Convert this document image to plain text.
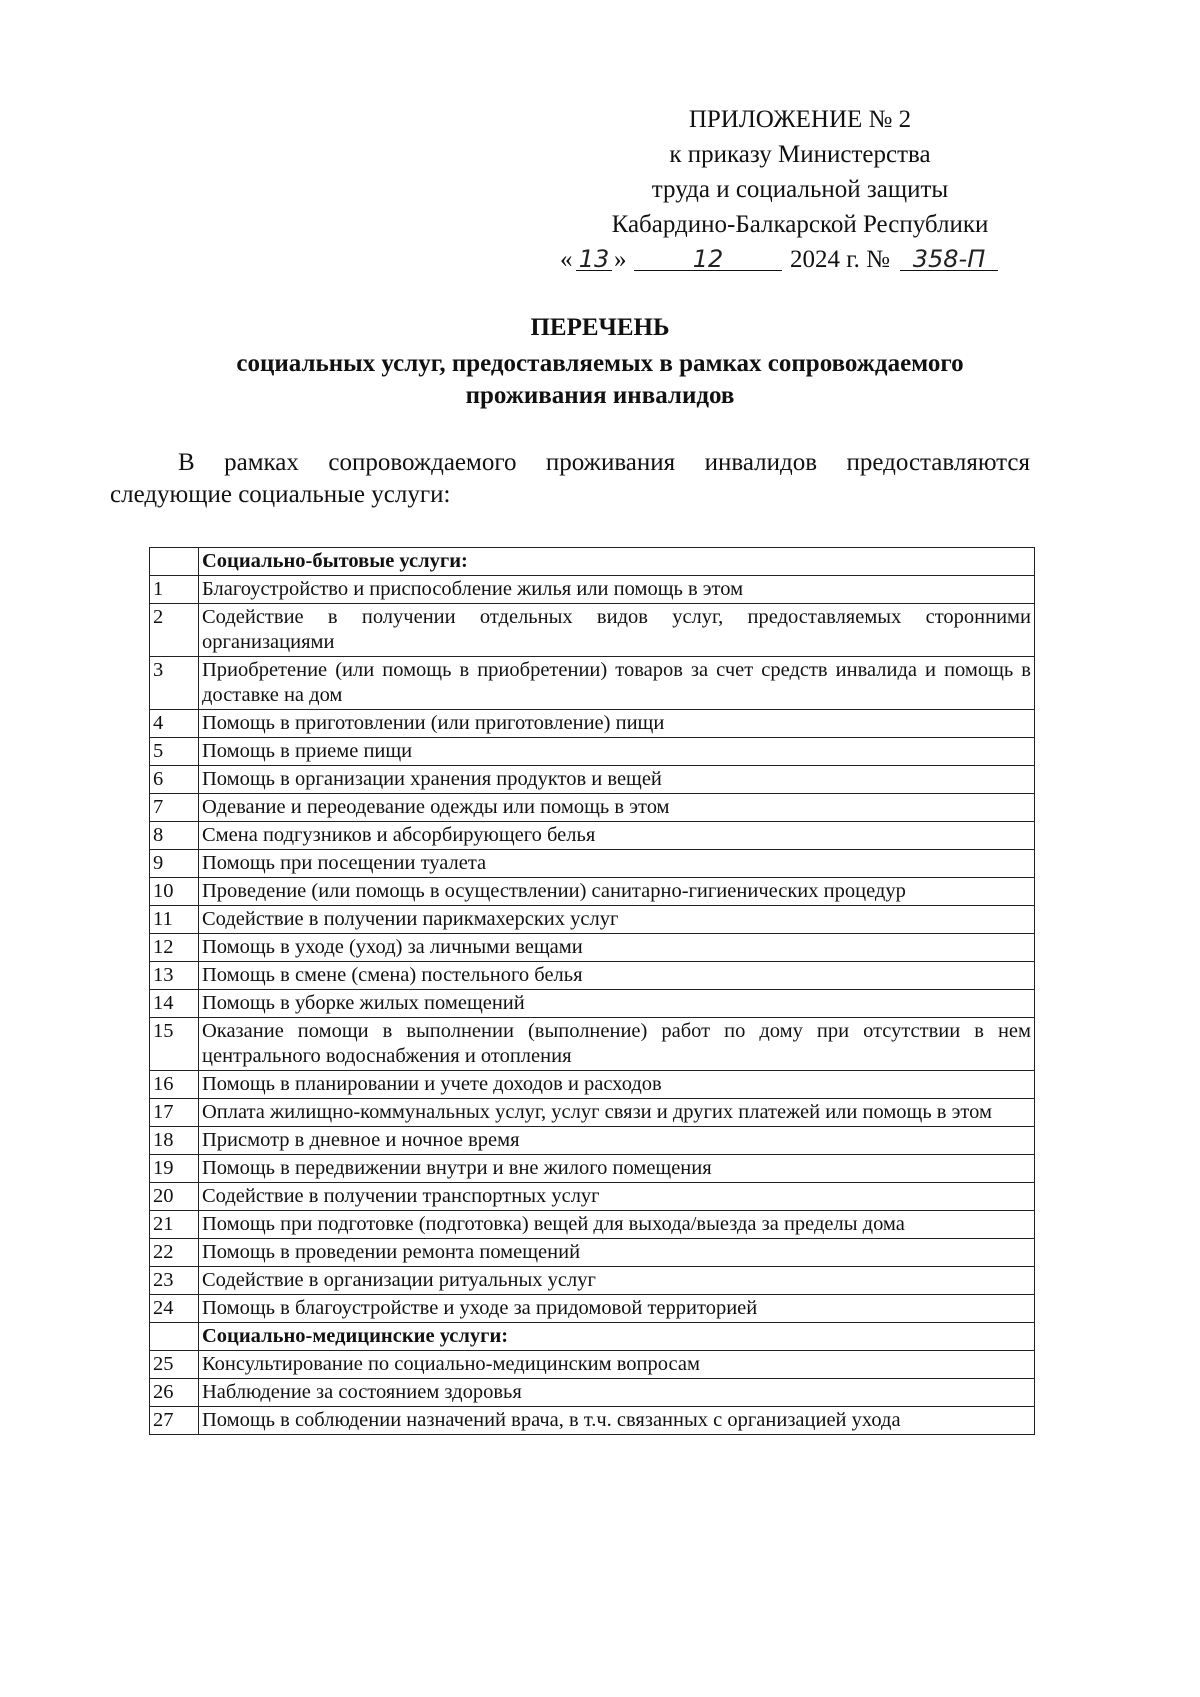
ПРИЛОЖЕНИЕ № 2
к приказу Министерства
труда и социальной защиты
Кабардино-Балкарской Республики
« 13 »	12	2024 г. № 358-П
ПЕРЕЧЕНЬ
социальных услуг, предоставляемых в рамках сопровождаемого
проживания инвалидов
В рамках сопровождаемого проживания инвалидов предоставляются следующие социальные услуги:
	Социально-бытовые услуги:
1	Благоустройство и приспособление жилья или помощь в этом
2	Содействие в получении отдельных видов услуг, предоставляемых сторонними организациями
3	Приобретение (или помощь в приобретении) товаров за счет средств инвалида и помощь в доставке на дом
4	Помощь в приготовлении (или приготовление) пищи
5	Помощь в приеме пищи
6	Помощь в организации хранения продуктов и вещей
7	Одевание и переодевание одежды или помощь в этом
8	Смена подгузников и абсорбирующего белья
9	Помощь при посещении туалета
10	Проведение (или помощь в осуществлении) санитарно-гигиенических процедур
11	Содействие в получении парикмахерских услуг
12	Помощь в уходе (уход) за личными вещами
13	Помощь в смене (смена) постельного белья
14	Помощь в уборке жилых помещений
15	Оказание помощи в выполнении (выполнение) работ по дому при отсутствии в нем центрального водоснабжения и отопления
16	Помощь в планировании и учете доходов и расходов
17	Оплата жилищно-коммунальных услуг, услуг связи и других платежей или помощь в этом
18	Присмотр в дневное и ночное время
19	Помощь в передвижении внутри и вне жилого помещения
20	Содействие в получении транспортных услуг
21	Помощь при подготовке (подготовка) вещей для выхода/выезда за пределы дома
22	Помощь в проведении ремонта помещений
23	Содействие в организации ритуальных услуг
24	Помощь в благоустройстве и уходе за придомовой территорией
	Социально-медицинские услуги:
25	Консультирование по социально-медицинским вопросам
26	Наблюдение за состоянием здоровья
27	Помощь в соблюдении назначений врача, в т.ч. связанных с организацией ухода
